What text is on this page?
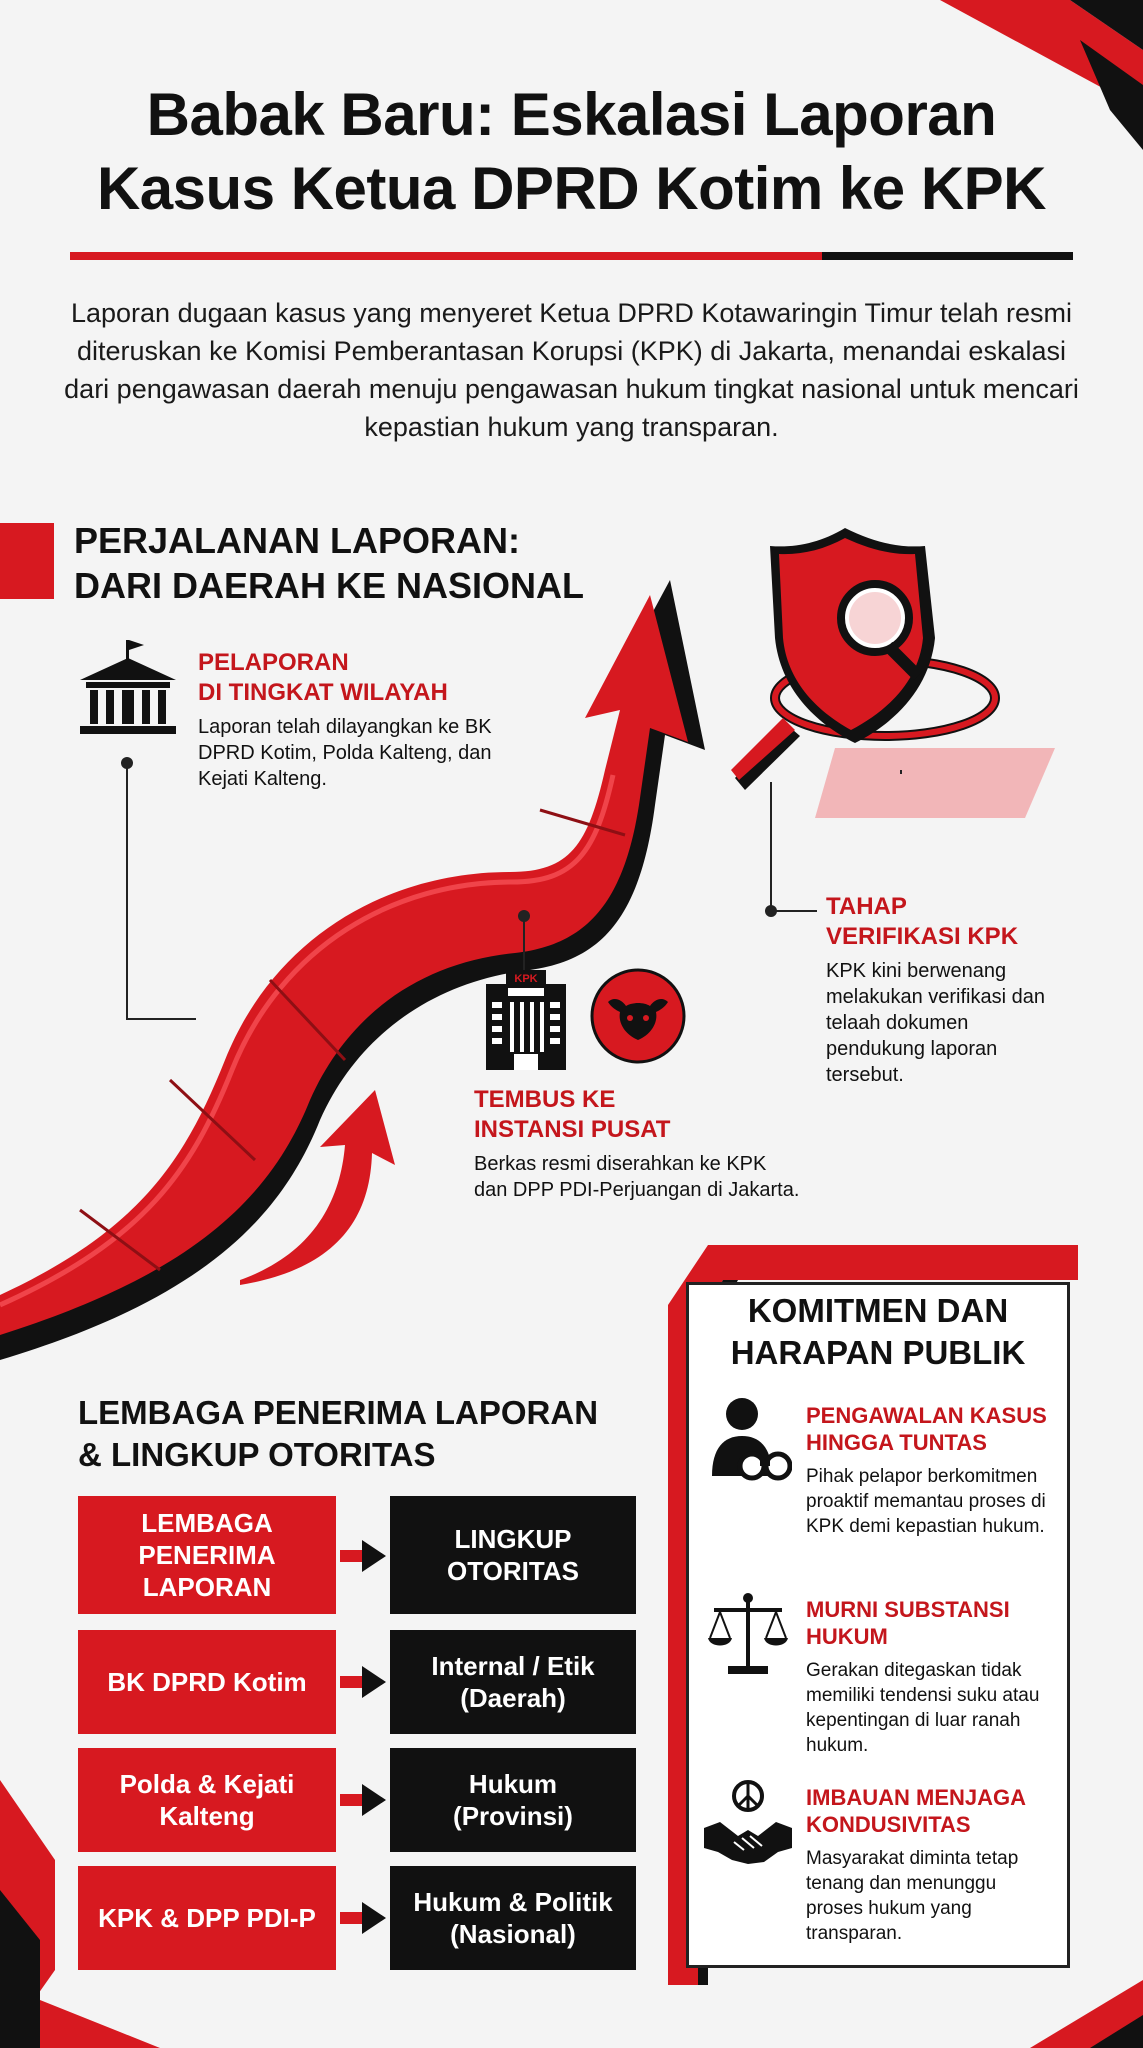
Babak Baru: Eskalasi Laporan
Kasus Ketua DPRD Kotim ke KPK

Laporan dugaan kasus yang menyeret Ketua DPRD Kotawaringin Timur telah resmi diteruskan ke Komisi Pemberantasan Korupsi (KPK) di Jakarta, menandai eskalasi dari pengawasan daerah menuju pengawasan hukum tingkat nasional untuk mencari kepastian hukum yang transparan.

PERJALANAN LAPORAN:
DARI DAERAH KE NASIONAL
PELAPORAN
DI TINGKAT WILAYAH

Laporan telah dilayangkan ke BK DPRD Kotim, Polda Kalteng, dan Kejati Kalteng.

KPK
TEMBUS KE
INSTANSI PUSAT

Berkas resmi diserahkan ke KPK dan DPP PDI-Perjuangan di Jakarta.

TAHAP
VERIFIKASI KPK

KPK kini berwenang melakukan verifikasi dan telaah dokumen pendukung laporan tersebut.

LEMBAGA PENERIMA LAPORAN
& LINGKUP OTORITAS
LEMBAGA PENERIMA LAPORAN
LINGKUP OTORITAS
BK DPRD Kotim
Internal / Etik
(Daerah)
Polda & Kejati Kalteng
Hukum
(Provinsi)
KPK & DPP PDI-P
Hukum & Politik
(Nasional)
KOMITMEN DAN
HARAPAN PUBLIK
PENGAWALAN KASUS
HINGGA TUNTAS

Pihak pelapor berkomitmen proaktif memantau proses di KPK demi kepastian hukum.

MURNI SUBSTANSI
HUKUM

Gerakan ditegaskan tidak memiliki tendensi suku atau kepentingan di luar ranah hukum.

IMBAUAN MENJAGA
KONDUSIVITAS

Masyarakat diminta tetap tenang dan menunggu proses hukum yang transparan.
